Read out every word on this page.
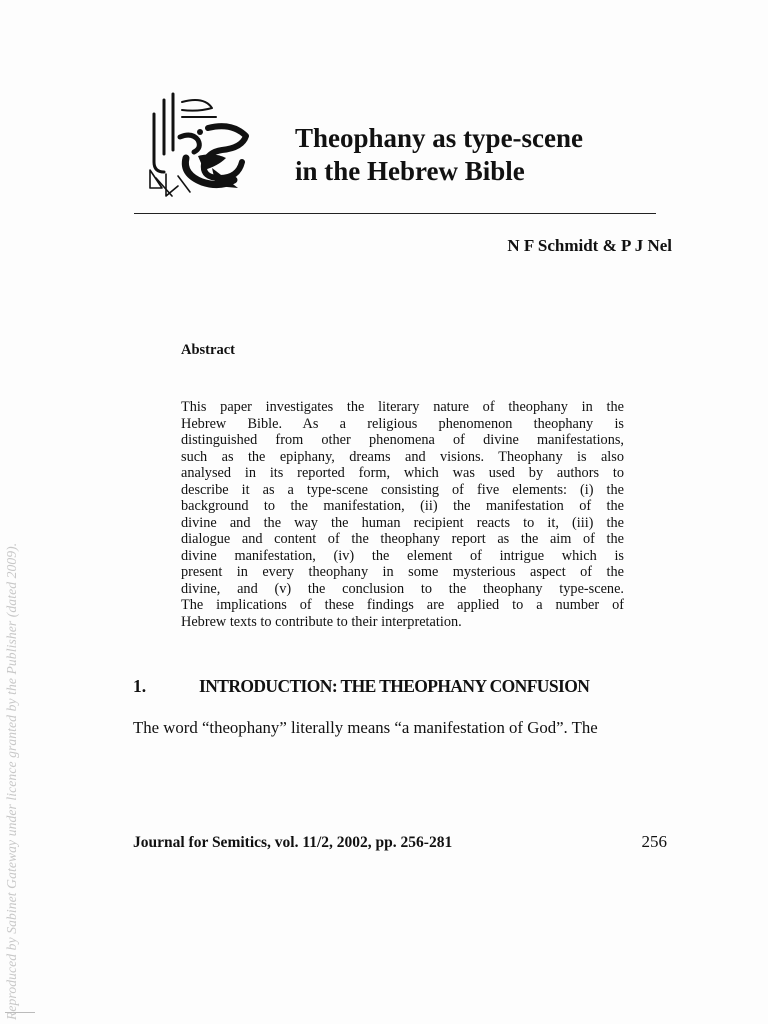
Theophany as type-scene
in the Hebrew Bible
N F Schmidt & P J Nel
Abstract
This paper investigates the literary nature of theophany in the
Hebrew Bible. As a religious phenomenon theophany is
distinguished from other phenomena of divine manifestations,
such as the epiphany, dreams and visions. Theophany is also
analysed in its reported form, which was used by authors to
describe it as a type-scene consisting of five elements: (i) the
background to the manifestation, (ii) the manifestation of the
divine and the way the human recipient reacts to it, (iii) the
dialogue and content of the theophany report as the aim of the
divine manifestation, (iv) the element of intrigue which is
present in every theophany in some mysterious aspect of the
divine, and (v) the conclusion to the theophany type-scene.
The implications of these findings are applied to a number of
Hebrew texts to contribute to their interpretation.
1.	INTRODUCTION: THE THEOPHANY CONFUSION
The word “theophany” literally means “a manifestation of God”. The
Journal for Semitics, vol. 11/2, 2002, pp. 256-281	256
Reproduced by Sabinet Gateway under licence granted by the Publisher (dated 2009).
